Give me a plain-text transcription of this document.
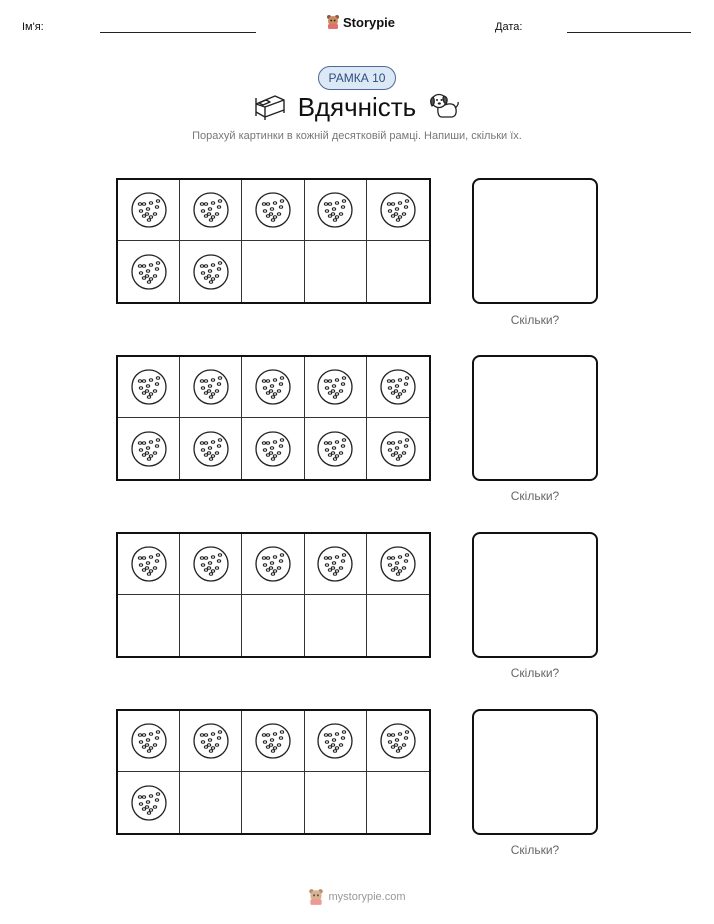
Ім'я:	Storypie	Дата:
РАМКА 10
Вдячність
Порахуй картинки в кожній десятковій рамці. Напиши, скільки їх.
Скільки?
Скільки?
Скільки?
Скільки?
mystorypie.com
